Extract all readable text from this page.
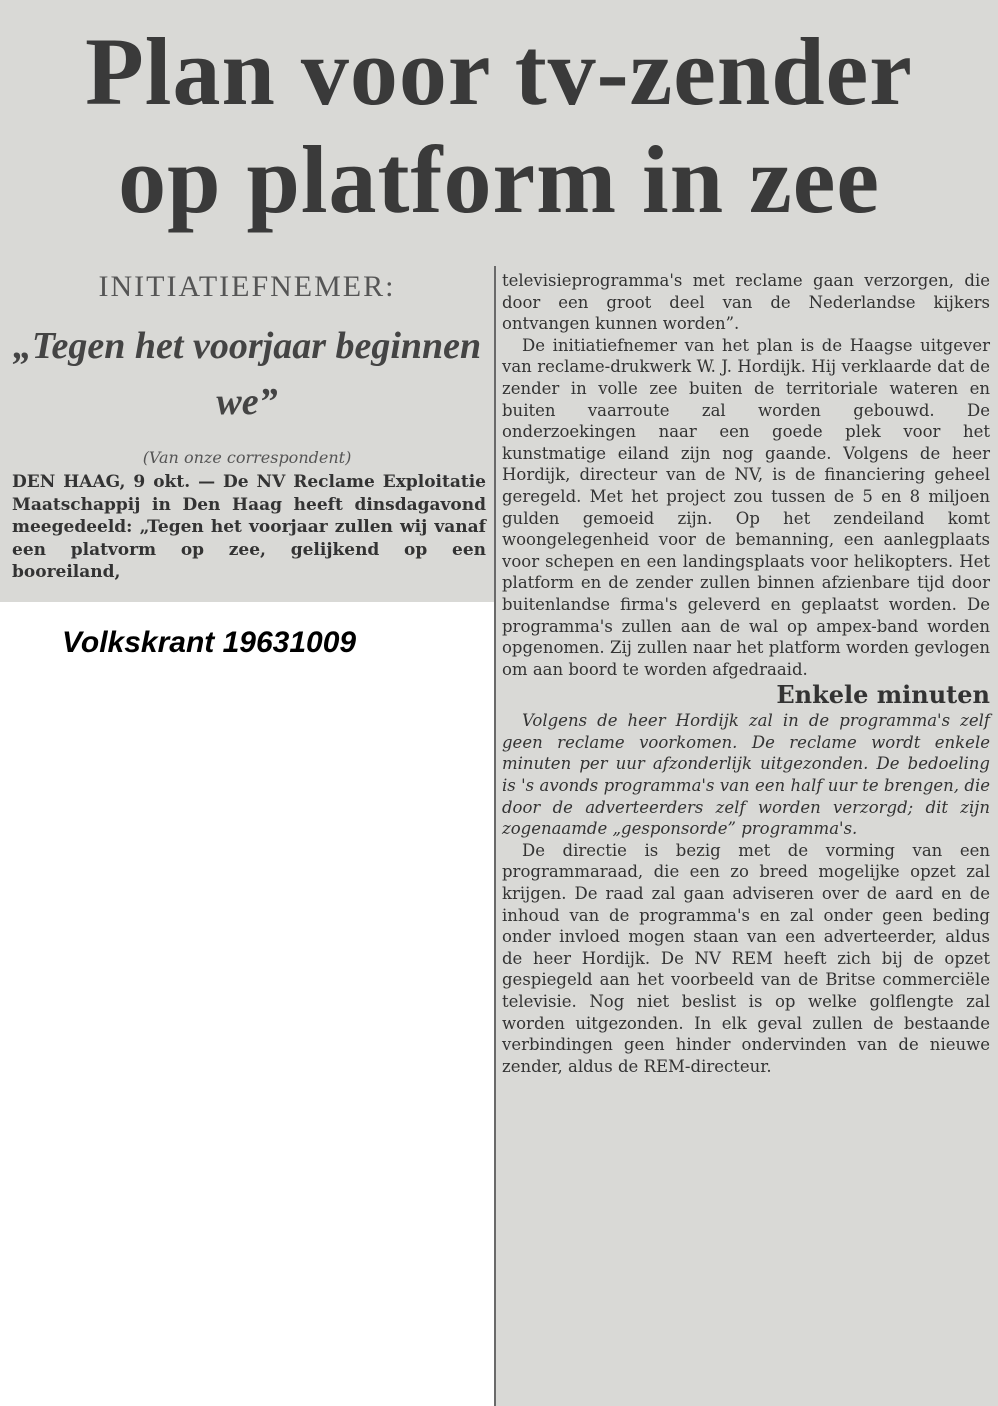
Plan voor tv-zender
op platform in zee
INITIATIEFNEMER:
„Tegen het voorjaar beginnen we”

(Van onze correspondent)

DEN HAAG, 9 okt. — De NV Reclame Exploitatie Maatschappij in Den Haag heeft dinsdagavond meegedeeld: „Tegen het voorjaar zullen wij vanaf een platvorm op zee, gelijkend op een booreiland,

televisieprogramma's met reclame gaan verzorgen, die door een groot deel van de Nederlandse kijkers ontvangen kunnen worden”.

De initiatiefnemer van het plan is de Haagse uitgever van reclame-drukwerk W. J. Hordijk. Hij verklaarde dat de zender in volle zee buiten de territoriale wateren en buiten vaarroute zal worden gebouwd. De onderzoekingen naar een goede plek voor het kunstmatige eiland zijn nog gaande. Volgens de heer Hordijk, directeur van de NV, is de financiering geheel geregeld. Met het project zou tussen de 5 en 8 miljoen gulden gemoeid zijn. Op het zendeiland komt woongelegenheid voor de bemanning, een aanlegplaats voor schepen en een landingsplaats voor helikopters. Het platform en de zender zullen binnen afzienbare tijd door buitenlandse firma's geleverd en geplaatst worden. De programma's zullen aan de wal op ampex-band worden opgenomen. Zij zullen naar het platform worden gevlogen om aan boord te worden afgedraaid.

Enkele minuten

Volgens de heer Hordijk zal in de programma's zelf geen reclame voorkomen. De reclame wordt enkele minuten per uur afzonderlijk uitgezonden. De bedoeling is 's avonds programma's van een half uur te brengen, die door de adverteerders zelf worden verzorgd; dit zijn zogenaamde „gesponsorde” programma's.

De directie is bezig met de vorming van een programmaraad, die een zo breed mogelijke opzet zal krijgen. De raad zal gaan adviseren over de aard en de inhoud van de programma's en zal onder geen beding onder invloed mogen staan van een adverteerder, aldus de heer Hordijk. De NV REM heeft zich bij de opzet gespiegeld aan het voorbeeld van de Britse commerciële televisie. Nog niet beslist is op welke golflengte zal worden uitgezonden. In elk geval zullen de bestaande verbindingen geen hinder ondervinden van de nieuwe zender, aldus de REM-directeur.

Volkskrant 19631009
